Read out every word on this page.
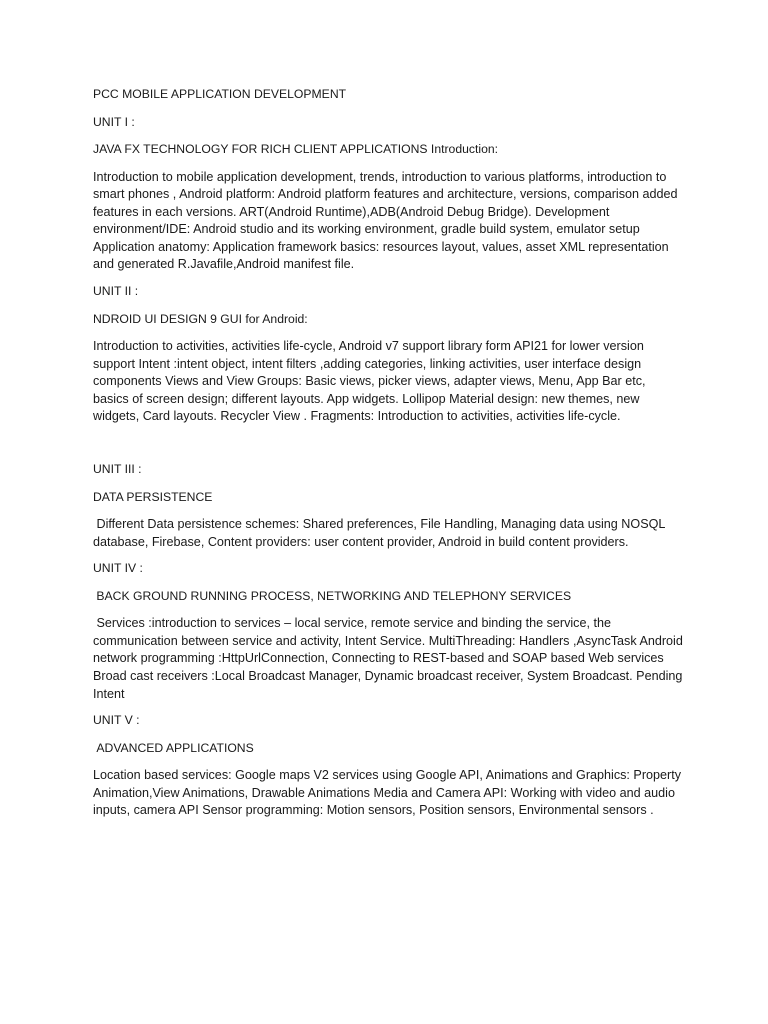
PCC MOBILE APPLICATION DEVELOPMENT

UNIT I :

JAVA FX TECHNOLOGY FOR RICH CLIENT APPLICATIONS Introduction:

Introduction to mobile application development, trends, introduction to various platforms, introduction to smart phones , Android platform: Android platform features and architecture, versions, comparison added features in each versions. ART(Android Runtime),ADB(Android Debug Bridge). Development environment/IDE: Android studio and its working environment, gradle build system, emulator setup Application anatomy: Application framework basics: resources layout, values, asset XML representation and generated R.Javafile,Android manifest file.

UNIT II :

NDROID UI DESIGN 9 GUI for Android:

Introduction to activities, activities life-cycle, Android v7 support library form API21 for lower version support Intent :intent object, intent filters ,adding categories, linking activities, user interface design components Views and View Groups: Basic views, picker views, adapter views, Menu, App Bar etc, basics of screen design; different layouts. App widgets. Lollipop Material design: new themes, new widgets, Card layouts. Recycler View . Fragments: Introduction to activities, activities life-cycle.

UNIT III :

DATA PERSISTENCE

Different Data persistence schemes: Shared preferences, File Handling, Managing data using NOSQL database, Firebase, Content providers: user content provider, Android in build content providers.

UNIT IV :

BACK GROUND RUNNING PROCESS, NETWORKING AND TELEPHONY SERVICES

Services :introduction to services – local service, remote service and binding the service, the communication between service and activity, Intent Service. MultiThreading: Handlers ,AsyncTask Android network programming :HttpUrlConnection, Connecting to REST-based and SOAP based Web services Broad cast receivers :Local Broadcast Manager, Dynamic broadcast receiver, System Broadcast. Pending Intent

UNIT V :

ADVANCED APPLICATIONS

Location based services: Google maps V2 services using Google API, Animations and Graphics: Property Animation,View Animations, Drawable Animations Media and Camera API: Working with video and audio inputs, camera API Sensor programming: Motion sensors, Position sensors, Environmental sensors .
